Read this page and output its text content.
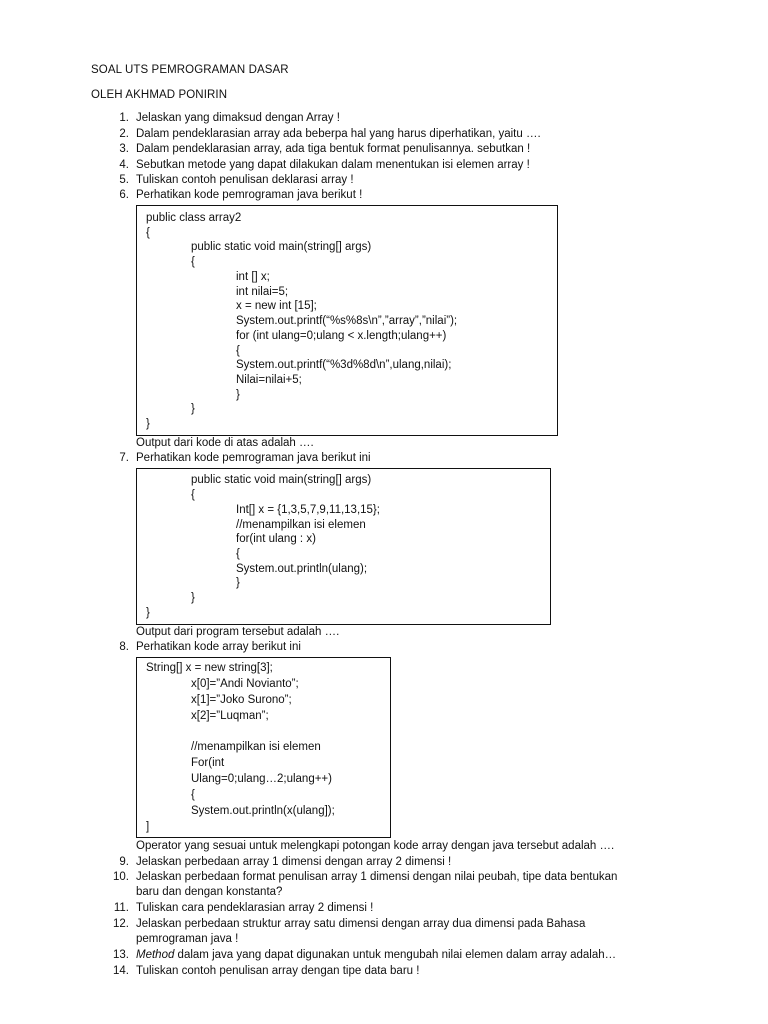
SOAL UTS PEMROGRAMAN DASAR
OLEH AKHMAD PONIRIN
1. Jelaskan yang dimaksud dengan Array !
2. Dalam pendeklarasian array ada beberpa hal yang harus diperhatikan, yaitu ….
3. Dalam pendeklarasian array, ada tiga bentuk format penulisannya. sebutkan !
4. Sebutkan metode yang dapat dilakukan dalam menentukan isi elemen array !
5. Tuliskan contoh penulisan deklarasi array !
6. Perhatikan kode pemrograman java berikut !
public class array2
{
public static void main(string[] args)
{
int [] x;
int nilai=5;
x = new int [15];
System.out.printf(“%s%8s\n”,”array”,”nilai”);
for (int ulang=0;ulang < x.length;ulang++)
{
System.out.printf(“%3d%8d\n”,ulang,nilai);
Nilai=nilai+5;
}
}
}
Output dari kode di atas adalah ….
7. Perhatikan kode pemrograman java berikut ini
public static void main(string[] args)
{
Int[] x = {1,3,5,7,9,11,13,15};
//menampilkan isi elemen
for(int ulang : x)
{
System.out.println(ulang);
}
}
}
Output dari program tersebut adalah ….
8. Perhatikan kode array berikut ini
String[] x = new string[3];
x[0]=”Andi Novianto”;
x[1]=”Joko Surono”;
x[2]=”Luqman”;
//menampilkan isi elemen
For(int
Ulang=0;ulang…2;ulang++)
{
System.out.println(x(ulang]);
]
Operator yang sesuai untuk melengkapi potongan kode array dengan java tersebut adalah ….
9. Jelaskan perbedaan array 1 dimensi dengan array 2 dimensi !
10. Jelaskan perbedaan format penulisan array 1 dimensi dengan nilai peubah, tipe data bentukan
baru dan dengan konstanta?
11. Tuliskan cara pendeklarasian array 2 dimensi !
12. Jelaskan perbedaan struktur array satu dimensi dengan array dua dimensi pada Bahasa
pemrograman java !
13. Method dalam java yang dapat digunakan untuk mengubah nilai elemen dalam array adalah…
14. Tuliskan contoh penulisan array dengan tipe data baru !
